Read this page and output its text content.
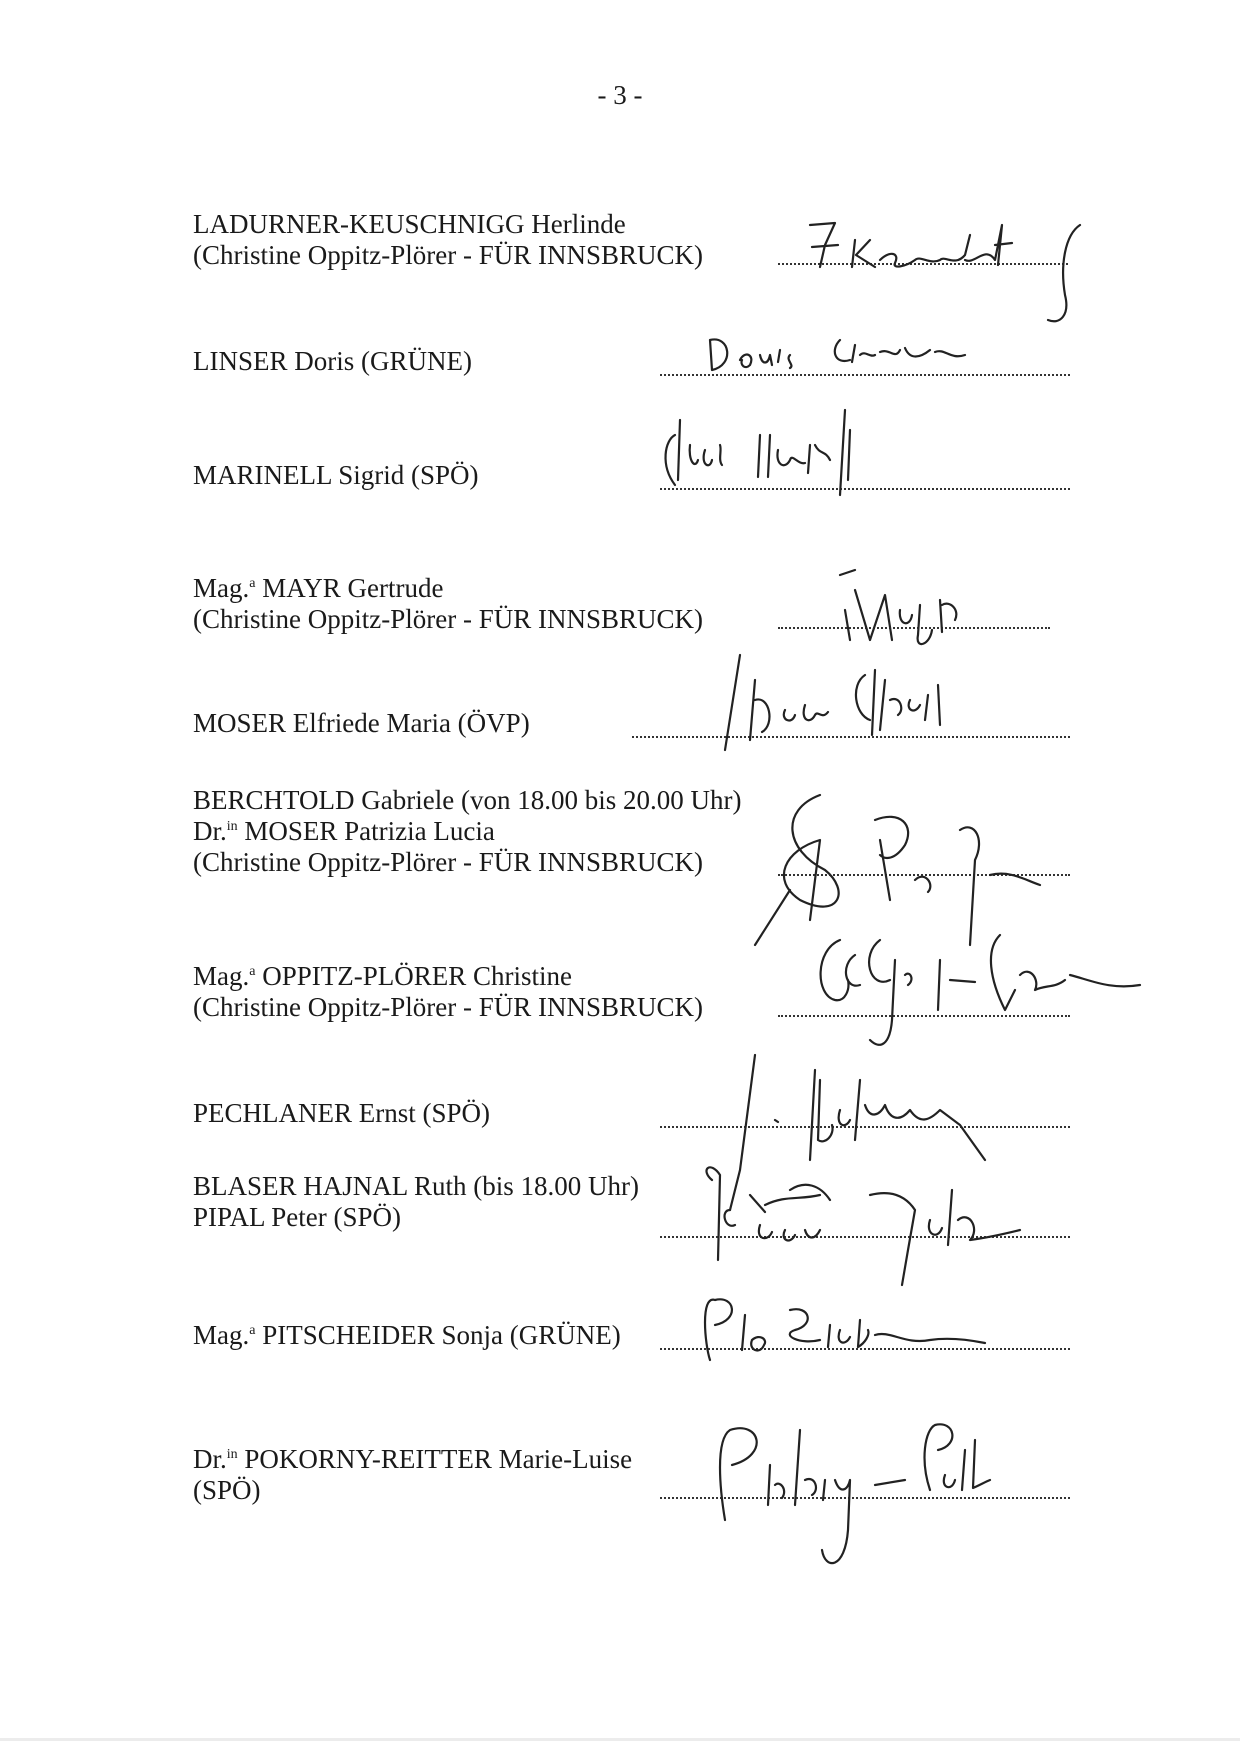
- 3 -
LADURNER-KEUSCHNIGG Herlinde
(Christine Oppitz-Plörer - FÜR INNSBRUCK)
LINSER Doris (GRÜNE)
MARINELL Sigrid (SPÖ)
Mag.$^a$ MAYR Gertrude
(Christine Oppitz-Plörer - FÜR INNSBRUCK)
MOSER Elfriede Maria (ÖVP)
BERCHTOLD Gabriele (von 18.00 bis 20.00 Uhr)
Dr.$^{in}$ MOSER Patrizia Lucia
(Christine Oppitz-Plörer - FÜR INNSBRUCK)
Mag.$^a$ OPPITZ-PLÖRER Christine
(Christine Oppitz-Plörer - FÜR INNSBRUCK)
PECHLANER Ernst (SPÖ)
BLASER HAJNAL Ruth (bis 18.00 Uhr)
PIPAL Peter (SPÖ)
Mag.$^a$ PITSCHEIDER Sonja (GRÜNE)
Dr.$^{in}$ POKORNY-REITTER Marie-Luise
(SPÖ)
